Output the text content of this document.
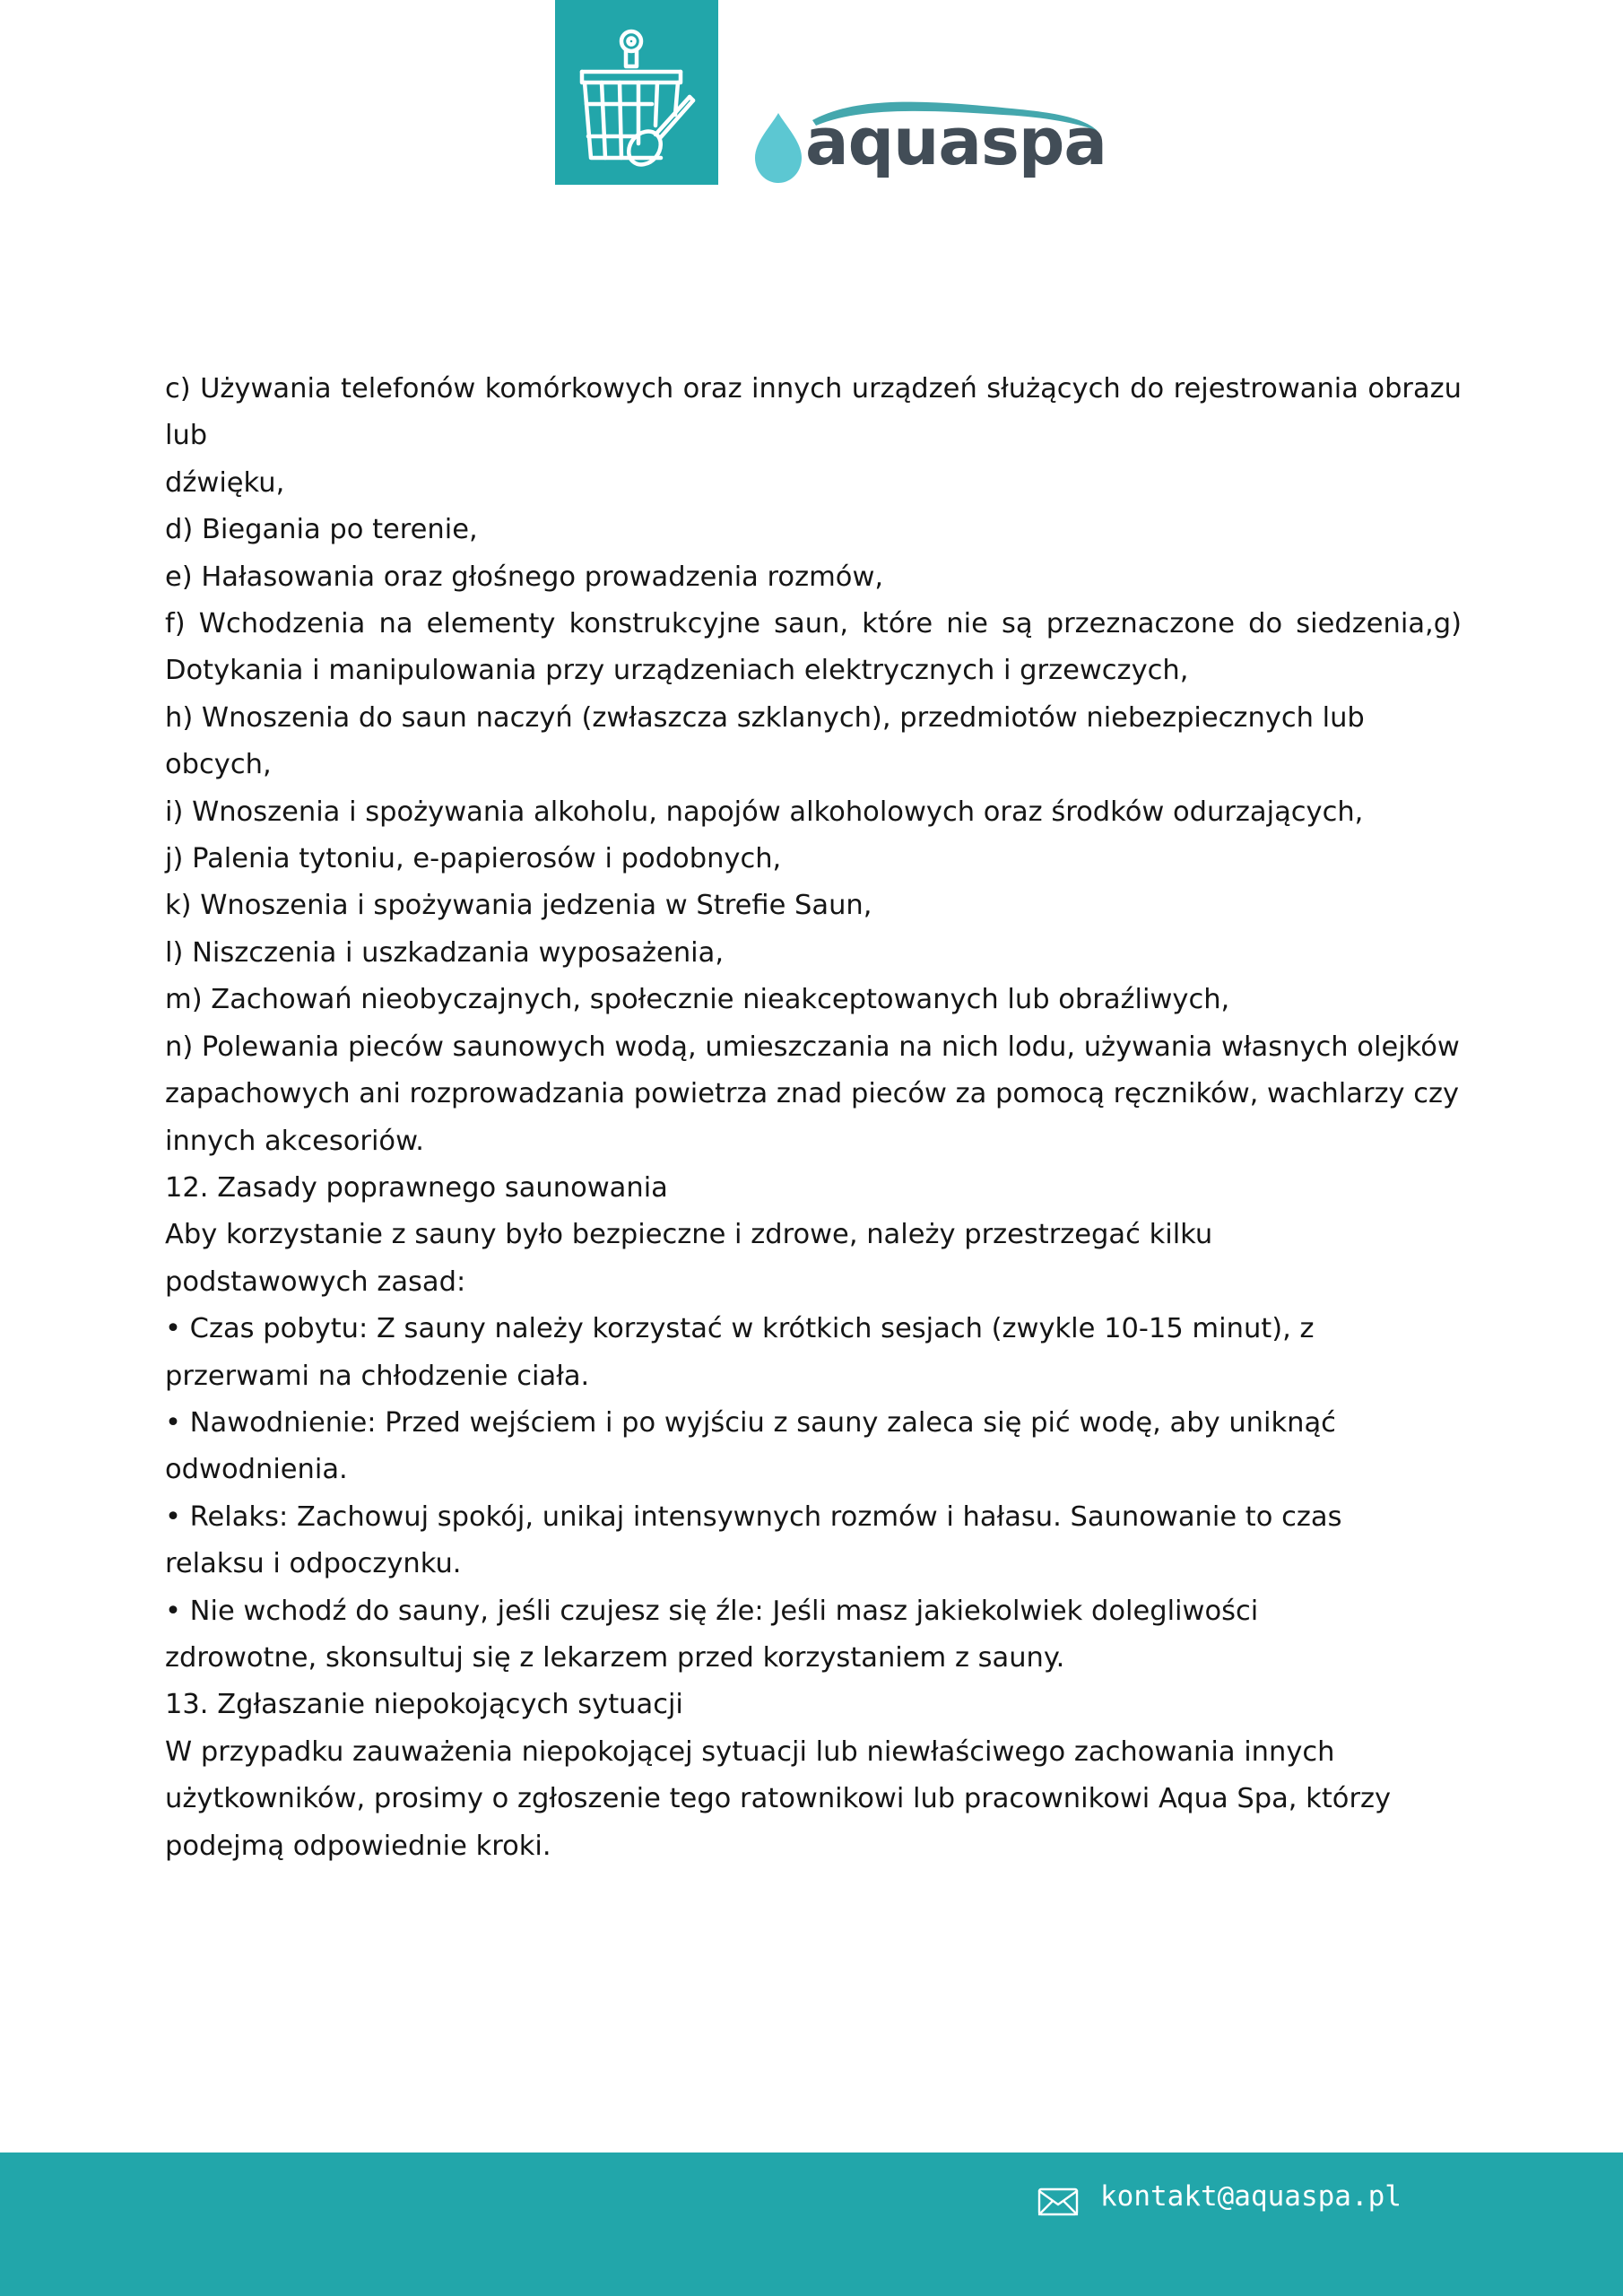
aquaspa

c) Używania telefonów komórkowych oraz innych urządzeń służących do rejestrowania obrazu

lub

dźwięku,

d) Biegania po terenie,

e) Hałasowania oraz głośnego prowadzenia rozmów,

f) Wchodzenia na elementy konstrukcyjne saun, które nie są przeznaczone do siedzenia,g)

Dotykania i manipulowania przy urządzeniach elektrycznych i grzewczych,

h) Wnoszenia do saun naczyń (zwłaszcza szklanych), przedmiotów niebezpiecznych lub obcych,

i) Wnoszenia i spożywania alkoholu, napojów alkoholowych oraz środków odurzających,

j) Palenia tytoniu, e-papierosów i podobnych,

k) Wnoszenia i spożywania jedzenia w Strefie Saun,

l) Niszczenia i uszkadzania wyposażenia,

m) Zachowań nieobyczajnych, społecznie nieakceptowanych lub obraźliwych,

n) Polewania pieców saunowych wodą, umieszczania na nich lodu, używania własnych olejków

zapachowych ani rozprowadzania powietrza znad pieców za pomocą ręczników, wachlarzy czy

innych akcesoriów.

12. Zasady poprawnego saunowania

Aby korzystanie z sauny było bezpieczne i zdrowe, należy przestrzegać kilku

podstawowych zasad:

• Czas pobytu: Z sauny należy korzystać w krótkich sesjach (zwykle 10-15 minut), z

przerwami na chłodzenie ciała.

• Nawodnienie: Przed wejściem i po wyjściu z sauny zaleca się pić wodę, aby uniknąć

odwodnienia.

• Relaks: Zachowuj spokój, unikaj intensywnych rozmów i hałasu. Saunowanie to czas

relaksu i odpoczynku.

• Nie wchodź do sauny, jeśli czujesz się źle: Jeśli masz jakiekolwiek dolegliwości

zdrowotne, skonsultuj się z lekarzem przed korzystaniem z sauny.

13. Zgłaszanie niepokojących sytuacji

W przypadku zauważenia niepokojącej sytuacji lub niewłaściwego zachowania innych

użytkowników, prosimy o zgłoszenie tego ratownikowi lub pracownikowi Aqua Spa, którzy

podejmą odpowiednie kroki.

kontakt@aquaspa.pl
